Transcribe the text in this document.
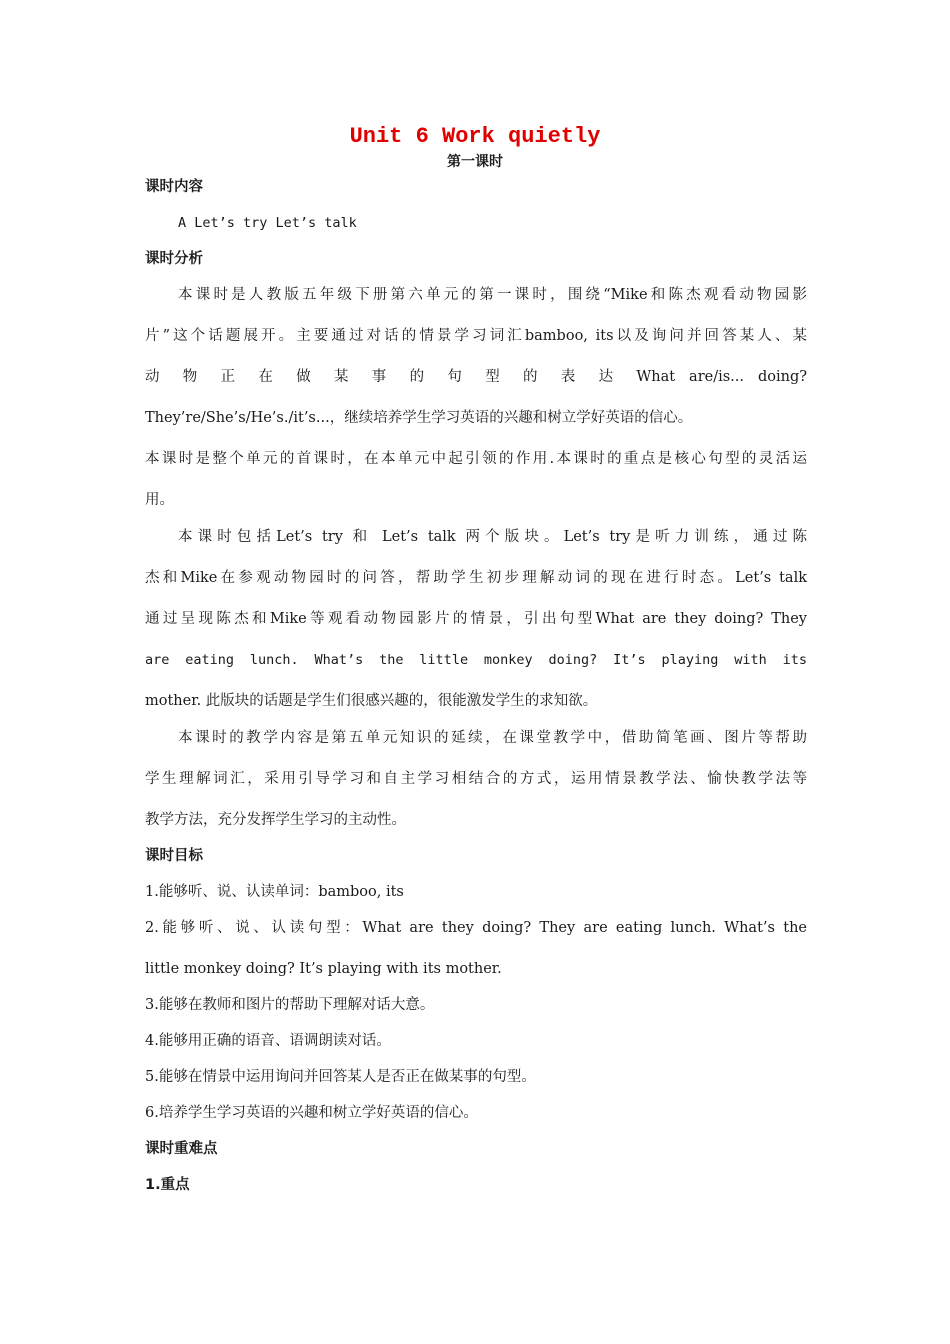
Unit 6 Work quietly
第一课时
课时内容
A Let’s try Let’s talk
课时分析
本课时是人教版五年级下册第六单元的第一课时，围绕“Mike和陈杰观看动物园影
片”这个话题展开。主要通过对话的情景学习词汇bamboo, its以及询问并回答某人、某
动 物 正 在 做 某 事 的 句 型 的 表 达 What are/is... doing?
They’re/She’s/He’s./it’s...，继续培养学生学习英语的兴趣和树立学好英语的信心。
本课时是整个单元的首课时，在本单元中起引领的作用.本课时的重点是核心句型的灵活运
用。
本课时包括Let’s try 和 Let’s talk 两个版块。Let’s try是听力训练，通过陈
杰和Mike在参观动物园时的问答，帮助学生初步理解动词的现在进行时态。Let’s talk
通过呈现陈杰和Mike等观看动物园影片的情景，引出句型What are they doing? They
are eating lunch. What’s the little monkey doing? It’s playing with its
mother. 此版块的话题是学生们很感兴趣的，很能激发学生的求知欲。
本课时的教学内容是第五单元知识的延续，在课堂教学中，借助简笔画、图片等帮助
学生理解词汇，采用引导学习和自主学习相结合的方式，运用情景教学法、愉快教学法等
教学方法，充分发挥学生学习的主动性。
课时目标
1.能够听、说、认读单词：bamboo, its
2.能够听、说、认读句型：What are they doing? They are eating lunch. What’s the
little monkey doing? It’s playing with its mother.
3.能够在教师和图片的帮助下理解对话大意。
4.能够用正确的语音、语调朗读对话。
5.能够在情景中运用询问并回答某人是否正在做某事的句型。
6.培养学生学习英语的兴趣和树立学好英语的信心。
课时重难点
1.重点
